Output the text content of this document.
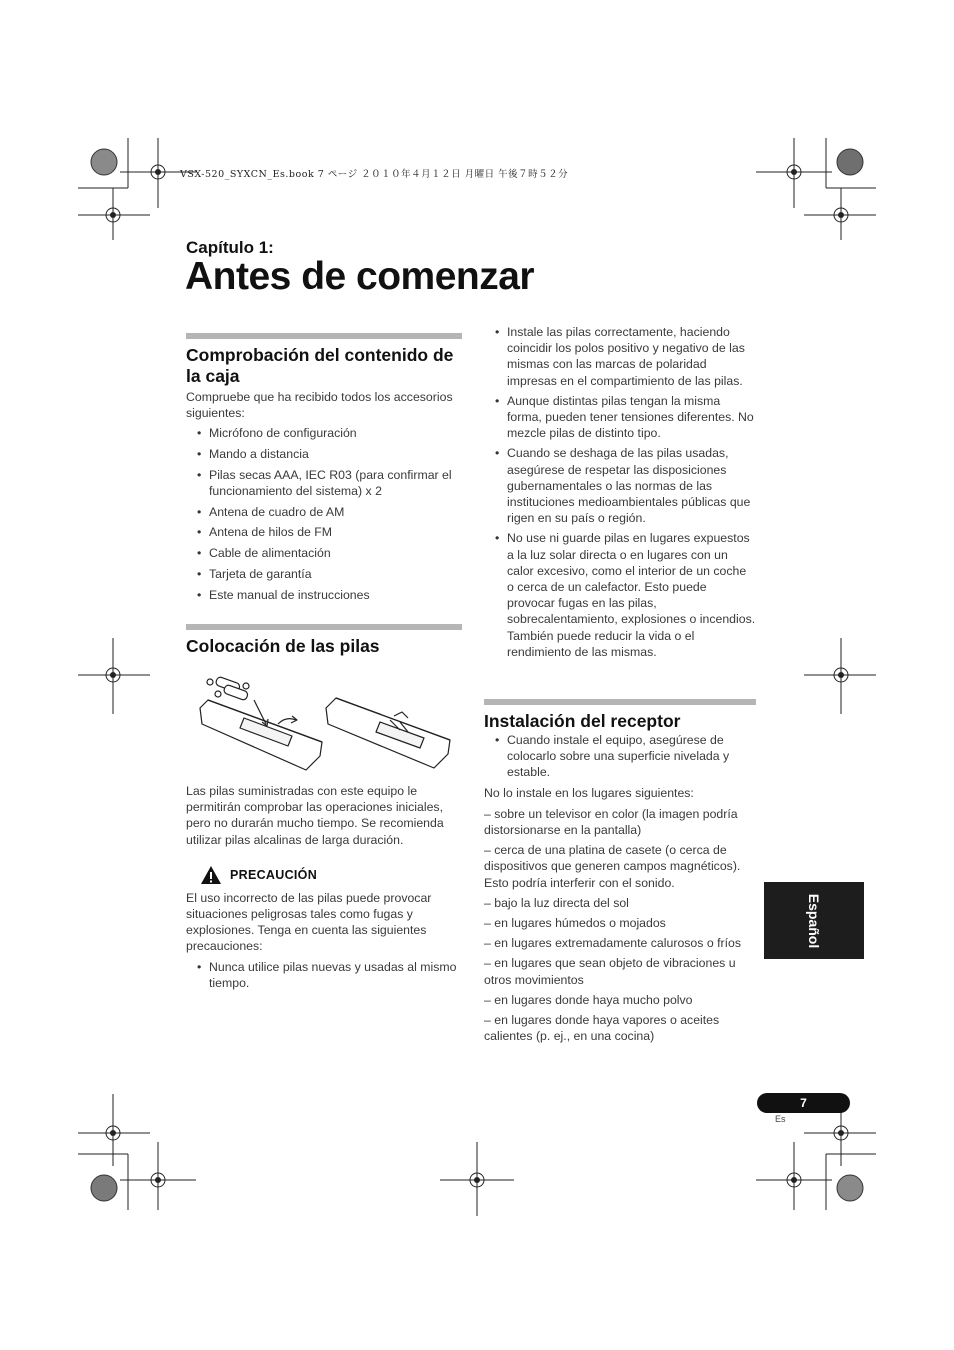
VSX-520_SYXCN_Es.book 7 ページ ２０１０年４月１２日 月曜日 午後７時５２分
Capítulo 1:
Antes de comenzar
Comprobación del contenido de la caja

Compruebe que ha recibido todos los accesorios siguientes:

• Micrófono de configuración
• Mando a distancia
• Pilas secas AAA, IEC R03 (para confirmar el funcionamiento del sistema) x 2
• Antena de cuadro de AM
• Antena de hilos de FM
• Cable de alimentación
• Tarjeta de garantía
• Este manual de instrucciones
Colocación de las pilas

Las pilas suministradas con este equipo le permitirán comprobar las operaciones iniciales, pero no durarán mucho tiempo. Se recomienda utilizar pilas alcalinas de larga duración.

PRECAUCIÓN

El uso incorrecto de las pilas puede provocar situaciones peligrosas tales como fugas y explosiones. Tenga en cuenta las siguientes precauciones:

• Nunca utilice pilas nuevas y usadas al mismo tiempo.
• Instale las pilas correctamente, haciendo coincidir los polos positivo y negativo de las mismas con las marcas de polaridad impresas en el compartimiento de las pilas.
• Aunque distintas pilas tengan la misma forma, pueden tener tensiones diferentes. No mezcle pilas de distinto tipo.
• Cuando se deshaga de las pilas usadas, asegúrese de respetar las disposiciones gubernamentales o las normas de las instituciones medioambientales públicas que rigen en su país o región.
• No use ni guarde pilas en lugares expuestos a la luz solar directa o en lugares con un calor excesivo, como el interior de un coche o cerca de un calefactor. Esto puede provocar fugas en las pilas, sobrecalentamiento, explosiones o incendios. También puede reducir la vida o el rendimiento de las mismas.
Instalación del receptor
• Cuando instale el equipo, asegúrese de colocarlo sobre una superficie nivelada y estable.

No lo instale en los lugares siguientes:

– sobre un televisor en color (la imagen podría distorsionarse en la pantalla)

– cerca de una platina de casete (o cerca de dispositivos que generen campos magnéticos). Esto podría interferir con el sonido.

– bajo la luz directa del sol

– en lugares húmedos o mojados

– en lugares extremadamente calurosos o fríos

– en lugares que sean objeto de vibraciones u otros movimientos

– en lugares donde haya mucho polvo

– en lugares donde haya vapores o aceites calientes (p. ej., en una cocina)

Español
7
Es
